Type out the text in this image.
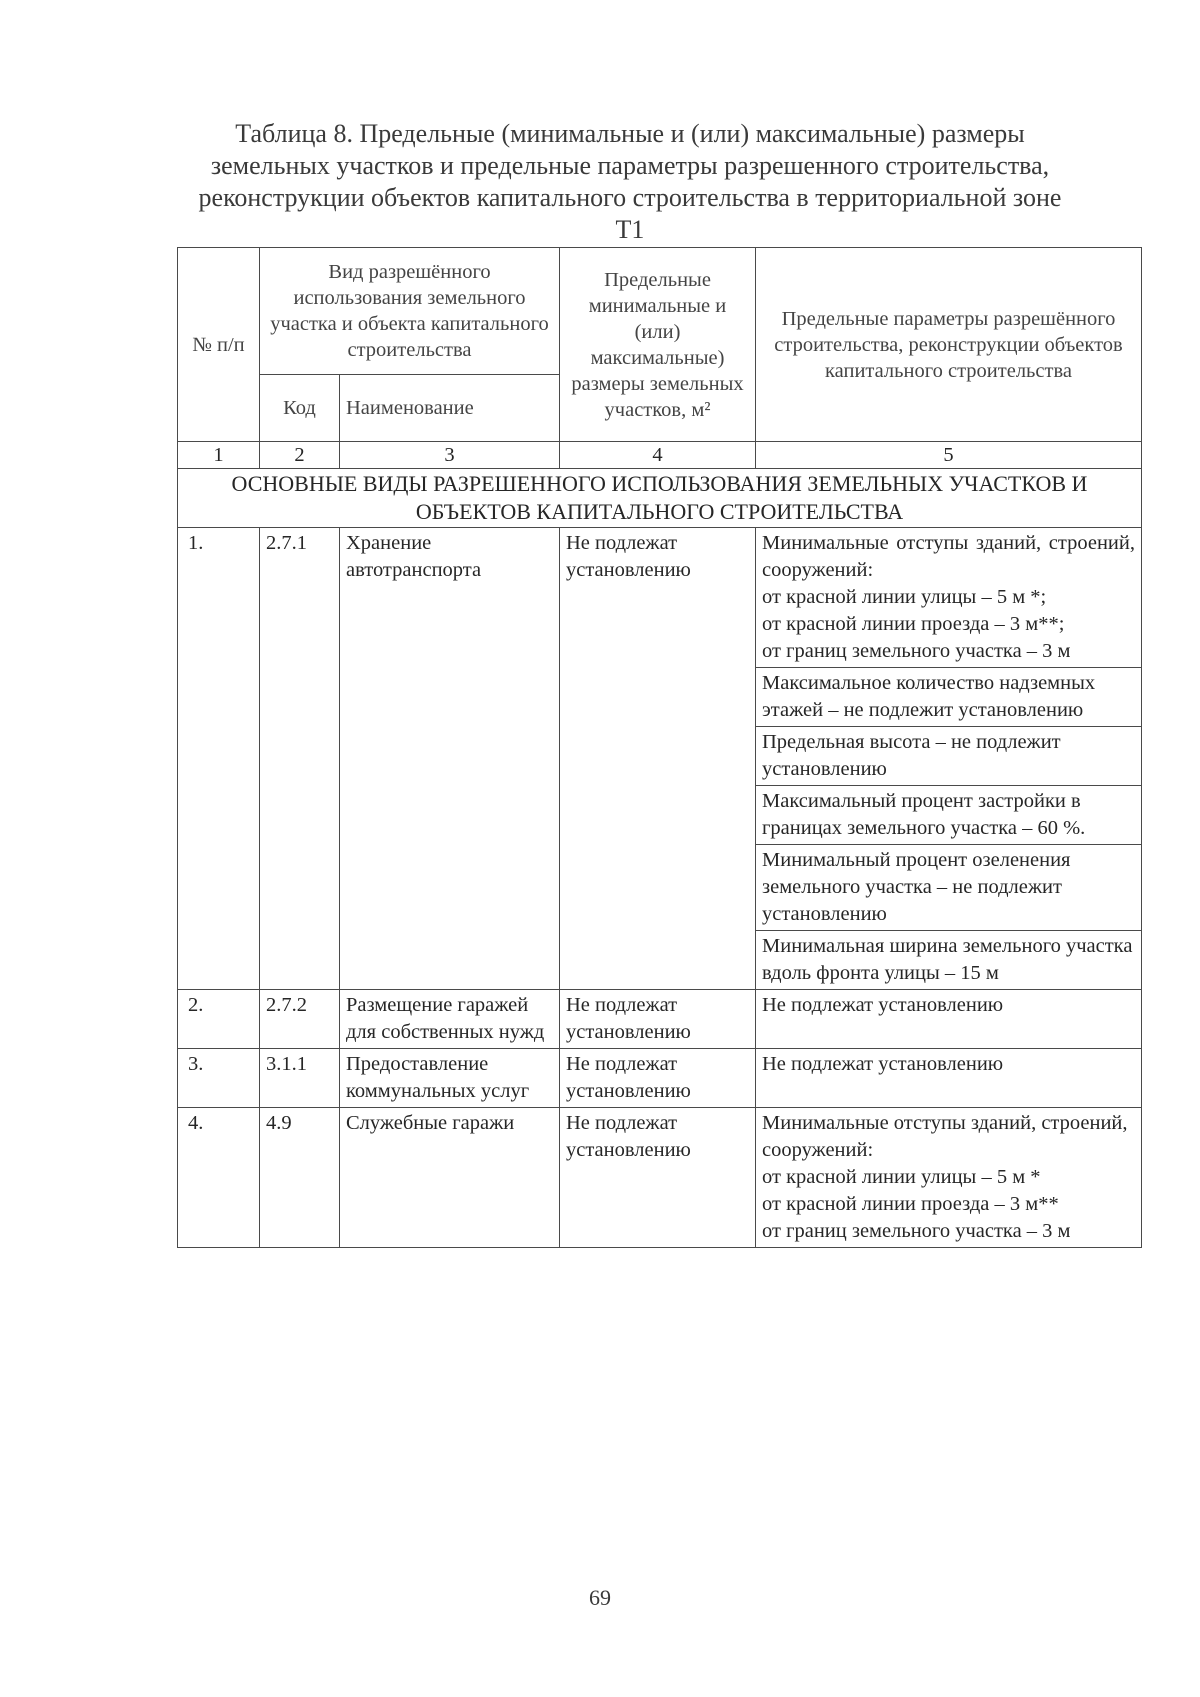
Таблица 8. Предельные (минимальные и (или) максимальные) размеры
земельных участков и предельные параметры разрешенного строительства,
реконструкции объектов капитального строительства в территориальной зоне
Т1
№ п/п	Вид разрешённого использования земельного участка и объекта капитального строительства		Предельные минимальные и (или) максимальные) размеры земельных участков, м²	Предельные параметры разрешённого строительства, реконструкции объектов капитального строительства
	Код	Наименование		
1	2	3	4	5
ОСНОВНЫЕ ВИДЫ РАЗРЕШЕННОГО ИСПОЛЬЗОВАНИЯ ЗЕМЕЛЬНЫХ УЧАСТКОВ И ОБЪЕКТОВ КАПИТАЛЬНОГО СТРОИТЕЛЬСТВА				
1.	2.7.1	Хранение автотранспорта	Не подлежат установлению	Минимальные отступы зданий, строений, сооружений:
от красной линии улицы – 5 м *;
от красной линии проезда – 3 м**;
от границ земельного участка – 3 м

				Максимальное количество надземных этажей – не подлежит установлению
				Предельная высота – не подлежит установлению
				Максимальный процент застройки в границах земельного участка – 60 %.
				Минимальный процент озеленения земельного участка – не подлежит установлению
				Минимальная ширина земельного участка вдоль фронта улицы – 15 м
2.	2.7.2	Размещение гаражей для собственных нужд	Не подлежат установлению	Не подлежат установлению
3.	3.1.1	Предоставление коммунальных услуг	Не подлежат установлению	Не подлежат установлению
4.	4.9	Служебные гаражи	Не подлежат установлению	Минимальные отступы зданий, строений, сооружений:
от красной линии улицы – 5 м *
от красной линии проезда – 3 м**
от границ земельного участка – 3 м
69
